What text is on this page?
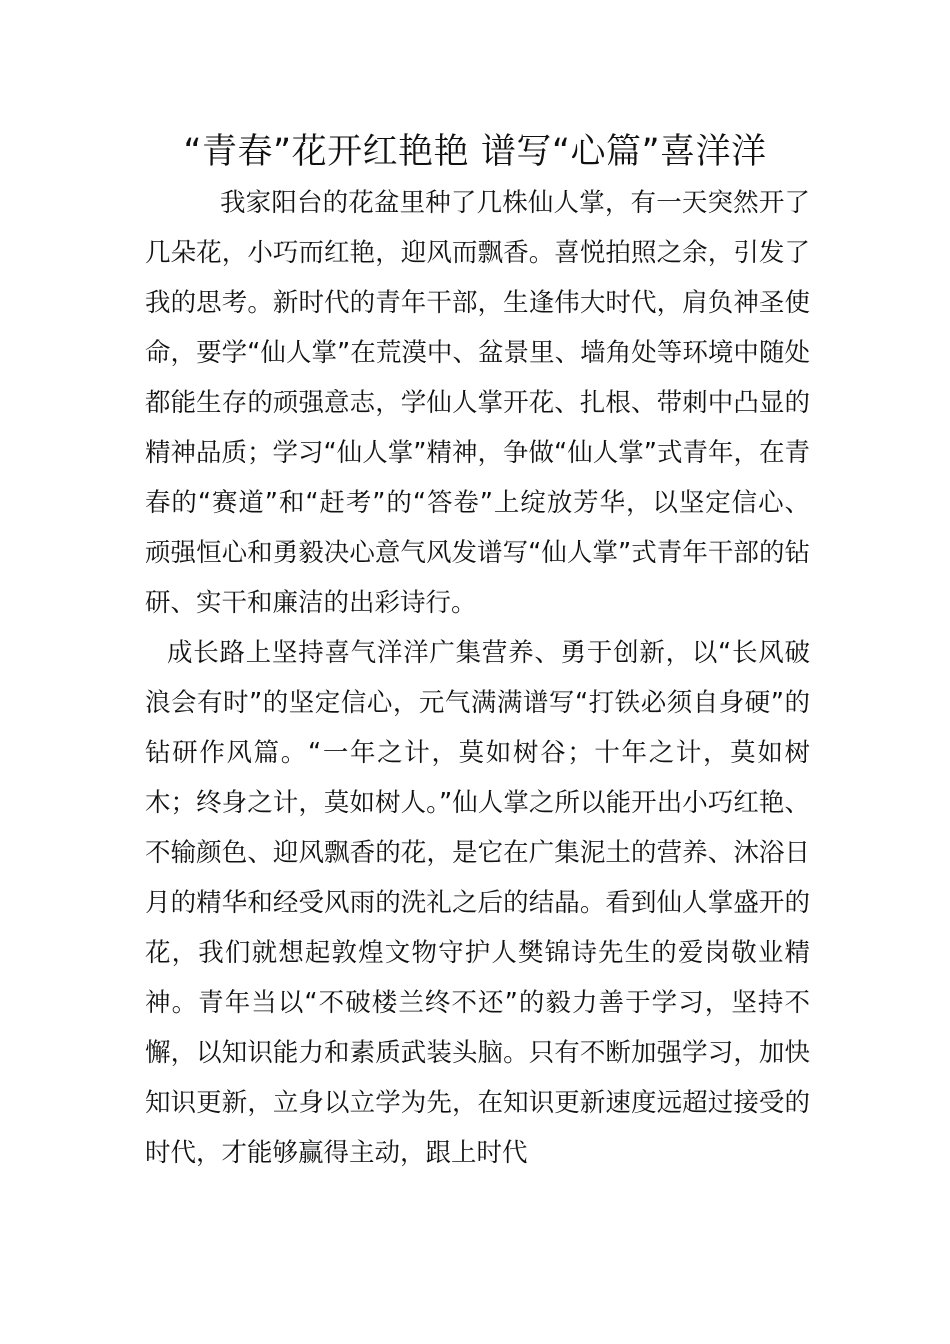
“青春”花开红艳艳 谱写“心篇”喜洋洋

我家阳台的花盆里种了几株仙人掌，有一天突然开了几朵花，小巧而红艳，迎风而飘香。喜悦拍照之余，引发了我的思考。新时代的青年干部，生逢伟大时代，肩负神圣使命，要学“仙人掌”在荒漠中、盆景里、墙角处等环境中随处都能生存的顽强意志，学仙人掌开花、扎根、带刺中凸显的精神品质；学习“仙人掌”精神，争做“仙人掌”式青年，在青春的“赛道”和“赶考”的“答卷”上绽放芳华，以坚定信心、顽强恒心和勇毅决心意气风发谱写“仙人掌”式青年干部的钻研、实干和廉洁的出彩诗行。

成长路上坚持喜气洋洋广集营养、勇于创新，以“长风破浪会有时”的坚定信心，元气满满谱写“打铁必须自身硬”的钻研作风篇。“一年之计，莫如树谷；十年之计，莫如树木；终身之计，莫如树人。”仙人掌之所以能开出小巧红艳、不输颜色、迎风飘香的花，是它在广集泥土的营养、沐浴日月的精华和经受风雨的洗礼之后的结晶。看到仙人掌盛开的花，我们就想起敦煌文物守护人樊锦诗先生的爱岗敬业精神。青年当以“不破楼兰终不还”的毅力善于学习，坚持不懈，以知识能力和素质武装头脑。只有不断加强学习，加快知识更新，立身以立学为先，在知识更新速度远超过接受的时代，才能够赢得主动，跟上时代
